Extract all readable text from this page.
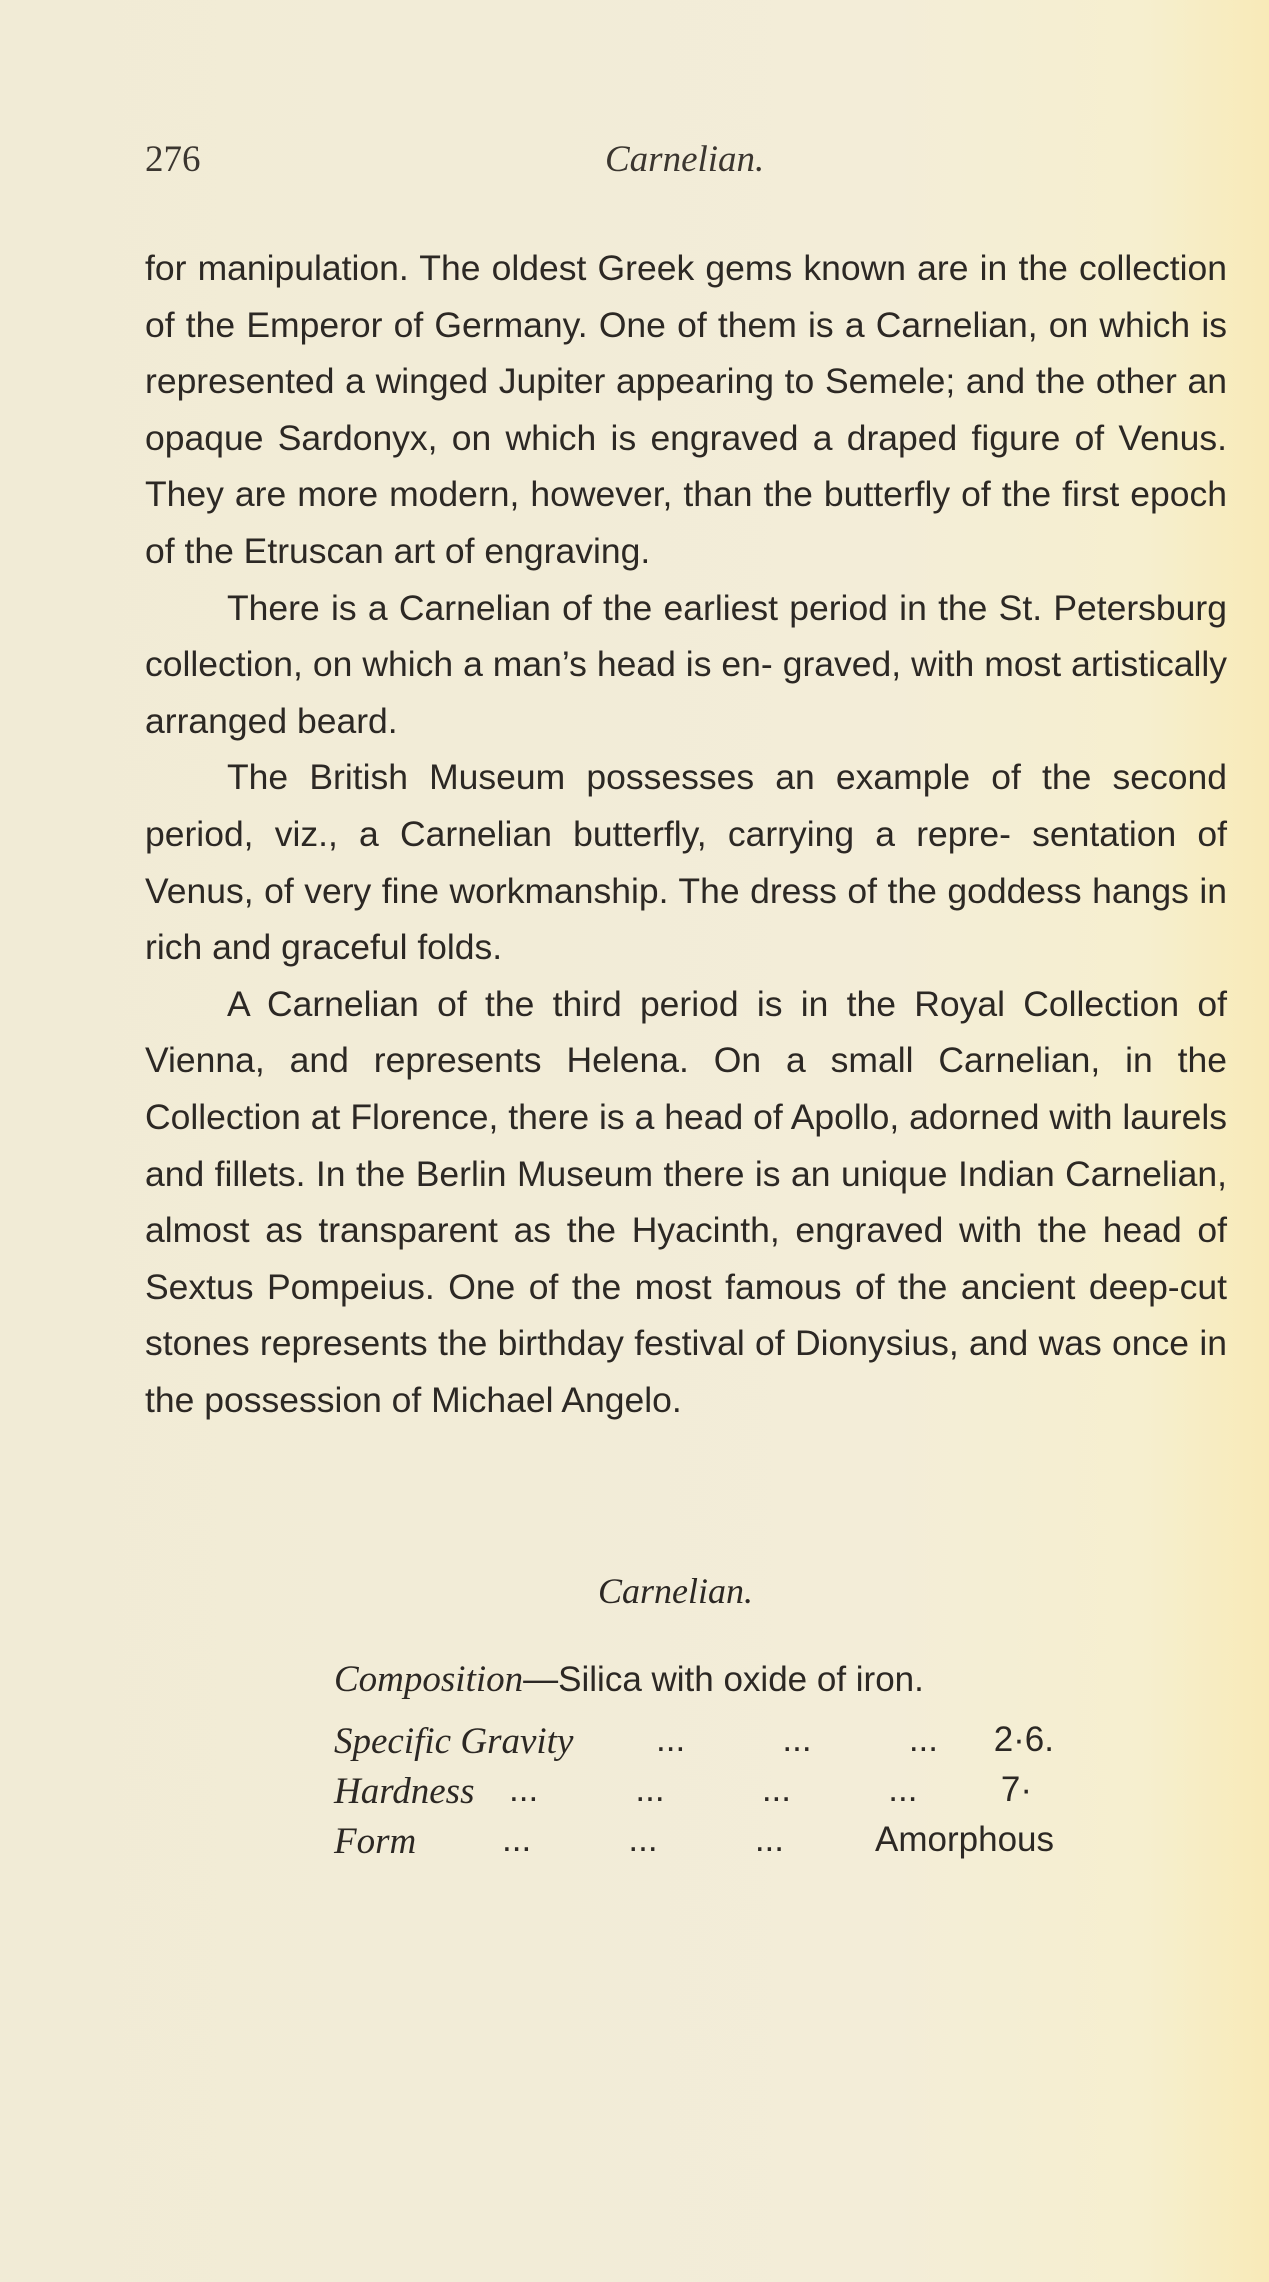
276	Carnelian.

for manipulation. The oldest Greek gems known are in the collection of the Emperor of Germany. One of them is a Carnelian, on which is represented a winged Jupiter appearing to Semele; and the other an opaque Sardonyx, on which is engraved a draped figure of Venus. They are more modern, however, than the butterfly of the first epoch of the Etruscan art of engraving.

There is a Carnelian of the earliest period in the St. Petersburg collection, on which a man’s head is en- graved, with most artistically arranged beard.

The British Museum possesses an example of the second period, viz., a Carnelian butterfly, carrying a repre- sentation of Venus, of very fine workmanship. The dress of the goddess hangs in rich and graceful folds.

A Carnelian of the third period is in the Royal Collection of Vienna, and represents Helena. On a small Carnelian, in the Collection at Florence, there is a head of Apollo, adorned with laurels and fillets. In the Berlin Museum there is an unique Indian Carnelian, almost as transparent as the Hyacinth, engraved with the head of Sextus Pompeius. One of the most famous of the ancient deep-cut stones represents the birthday festival of Dionysius, and was once in the possession of Michael Angelo.

Carnelian.
Composition—Silica with oxide of iron.
Specific Gravity ...          ...          ... 2·6.
Hardness ...          ...          ...          ... 7·
Form ...          ...          ...	Amorphous
